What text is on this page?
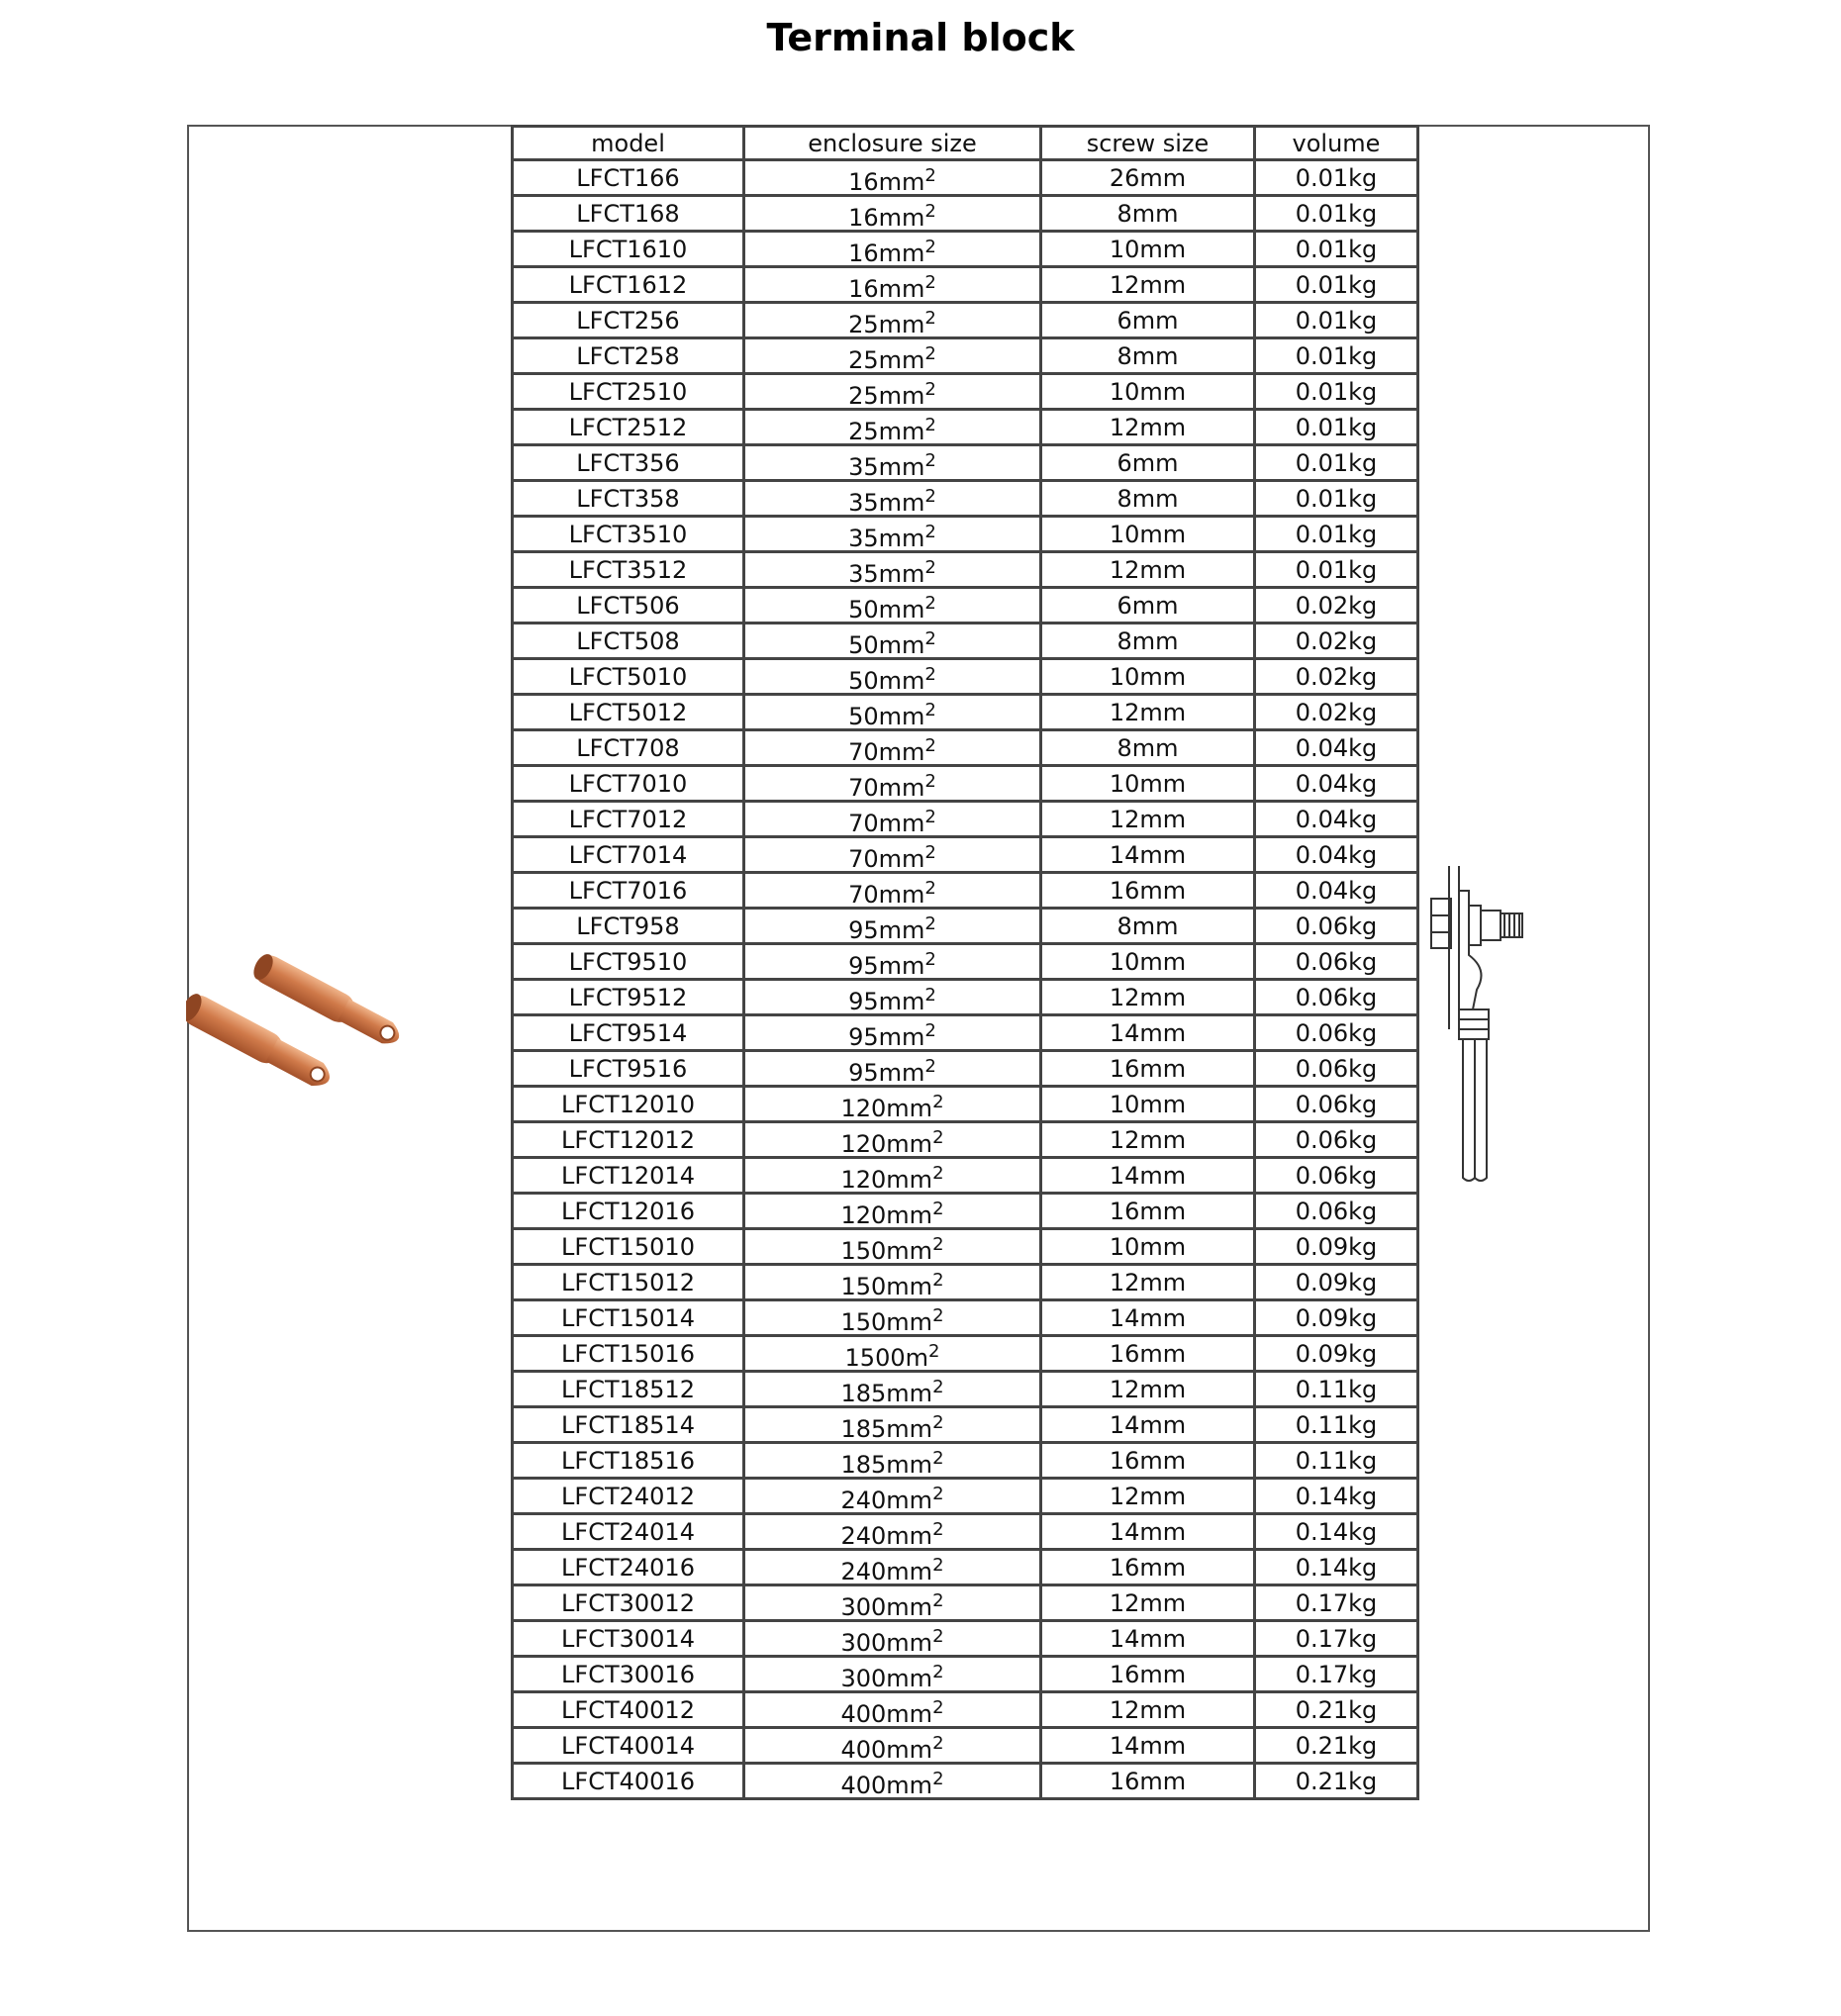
Terminal block
model	enclosure size	screw size	volume
LFCT166	$16mm^2$	26mm	0.01kg
LFCT168	$16mm^2$	8mm	0.01kg
LFCT1610	$16mm^2$	10mm	0.01kg
LFCT1612	$16mm^2$	12mm	0.01kg
LFCT256	$25mm^2$	6mm	0.01kg
LFCT258	$25mm^2$	8mm	0.01kg
LFCT2510	$25mm^2$	10mm	0.01kg
LFCT2512	$25mm^2$	12mm	0.01kg
LFCT356	$35mm^2$	6mm	0.01kg
LFCT358	$35mm^2$	8mm	0.01kg
LFCT3510	$35mm^2$	10mm	0.01kg
LFCT3512	$35mm^2$	12mm	0.01kg
LFCT506	$50mm^2$	6mm	0.02kg
LFCT508	$50mm^2$	8mm	0.02kg
LFCT5010	$50mm^2$	10mm	0.02kg
LFCT5012	$50mm^2$	12mm	0.02kg
LFCT708	$70mm^2$	8mm	0.04kg
LFCT7010	$70mm^2$	10mm	0.04kg
LFCT7012	$70mm^2$	12mm	0.04kg
LFCT7014	$70mm^2$	14mm	0.04kg
LFCT7016	$70mm^2$	16mm	0.04kg
LFCT958	$95mm^2$	8mm	0.06kg
LFCT9510	$95mm^2$	10mm	0.06kg
LFCT9512	$95mm^2$	12mm	0.06kg
LFCT9514	$95mm^2$	14mm	0.06kg
LFCT9516	$95mm^2$	16mm	0.06kg
LFCT12010	$120mm^2$	10mm	0.06kg
LFCT12012	$120mm^2$	12mm	0.06kg
LFCT12014	$120mm^2$	14mm	0.06kg
LFCT12016	$120mm^2$	16mm	0.06kg
LFCT15010	$150mm^2$	10mm	0.09kg
LFCT15012	$150mm^2$	12mm	0.09kg
LFCT15014	$150mm^2$	14mm	0.09kg
LFCT15016	$1500m^2$	16mm	0.09kg
LFCT18512	$185mm^2$	12mm	0.11kg
LFCT18514	$185mm^2$	14mm	0.11kg
LFCT18516	$185mm^2$	16mm	0.11kg
LFCT24012	$240mm^2$	12mm	0.14kg
LFCT24014	$240mm^2$	14mm	0.14kg
LFCT24016	$240mm^2$	16mm	0.14kg
LFCT30012	$300mm^2$	12mm	0.17kg
LFCT30014	$300mm^2$	14mm	0.17kg
LFCT30016	$300mm^2$	16mm	0.17kg
LFCT40012	$400mm^2$	12mm	0.21kg
LFCT40014	$400mm^2$	14mm	0.21kg
LFCT40016	$400mm^2$	16mm	0.21kg
